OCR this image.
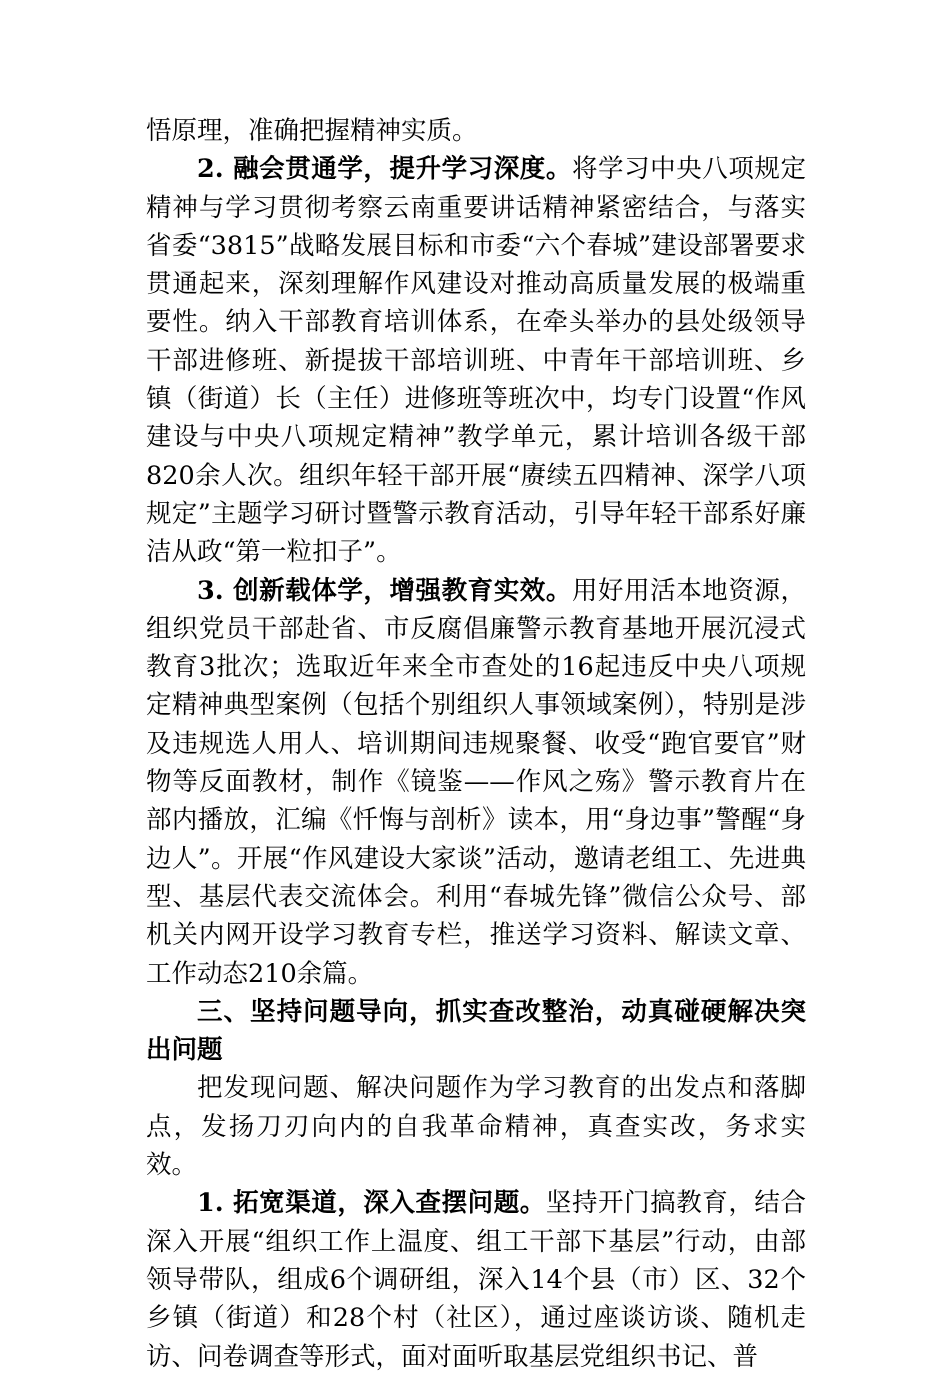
悟原理，准确把握精神实质。

2. 融会贯通学，提升学习深度。将学习中央八项规定精神与学习贯彻考察云南重要讲话精神紧密结合，与落实省委“3815”战略发展目标和市委“六个春城”建设部署要求贯通起来，深刻理解作风建设对推动高质量发展的极端重要性。纳入干部教育培训体系，在牵头举办的县处级领导干部进修班、新提拔干部培训班、中青年干部培训班、乡镇（街道）长（主任）进修班等班次中，均专门设置“作风建设与中央八项规定精神”教学单元，累计培训各级干部820余人次。组织年轻干部开展“赓续五四精神、深学八项规定”主题学习研讨暨警示教育活动，引导年轻干部系好廉洁从政“第一粒扣子”。

3. 创新载体学，增强教育实效。用好用活本地资源，组织党员干部赴省、市反腐倡廉警示教育基地开展沉浸式教育3批次；选取近年来全市查处的16起违反中央八项规定精神典型案例（包括个别组织人事领域案例），特别是涉及违规选人用人、培训期间违规聚餐、收受“跑官要官”财物等反面教材，制作《镜鉴——作风之殇》警示教育片在部内播放，汇编《忏悔与剖析》读本，用“身边事”警醒“身边人”。开展“作风建设大家谈”活动，邀请老组工、先进典型、基层代表交流体会。利用“春城先锋”微信公众号、部机关内网开设学习教育专栏，推送学习资料、解读文章、工作动态210余篇。

三、坚持问题导向，抓实查改整治，动真碰硬解决突出问题

把发现问题、解决问题作为学习教育的出发点和落脚点，发扬刀刃向内的自我革命精神，真查实改，务求实效。

1. 拓宽渠道，深入查摆问题。坚持开门搞教育，结合深入开展“组织工作上温度、组工干部下基层”行动，由部领导带队，组成6个调研组，深入14个县（市）区、32个乡镇（街道）和28个村（社区），通过座谈访谈、随机走访、问卷调查等形式，面对面听取基层党组织书记、普
